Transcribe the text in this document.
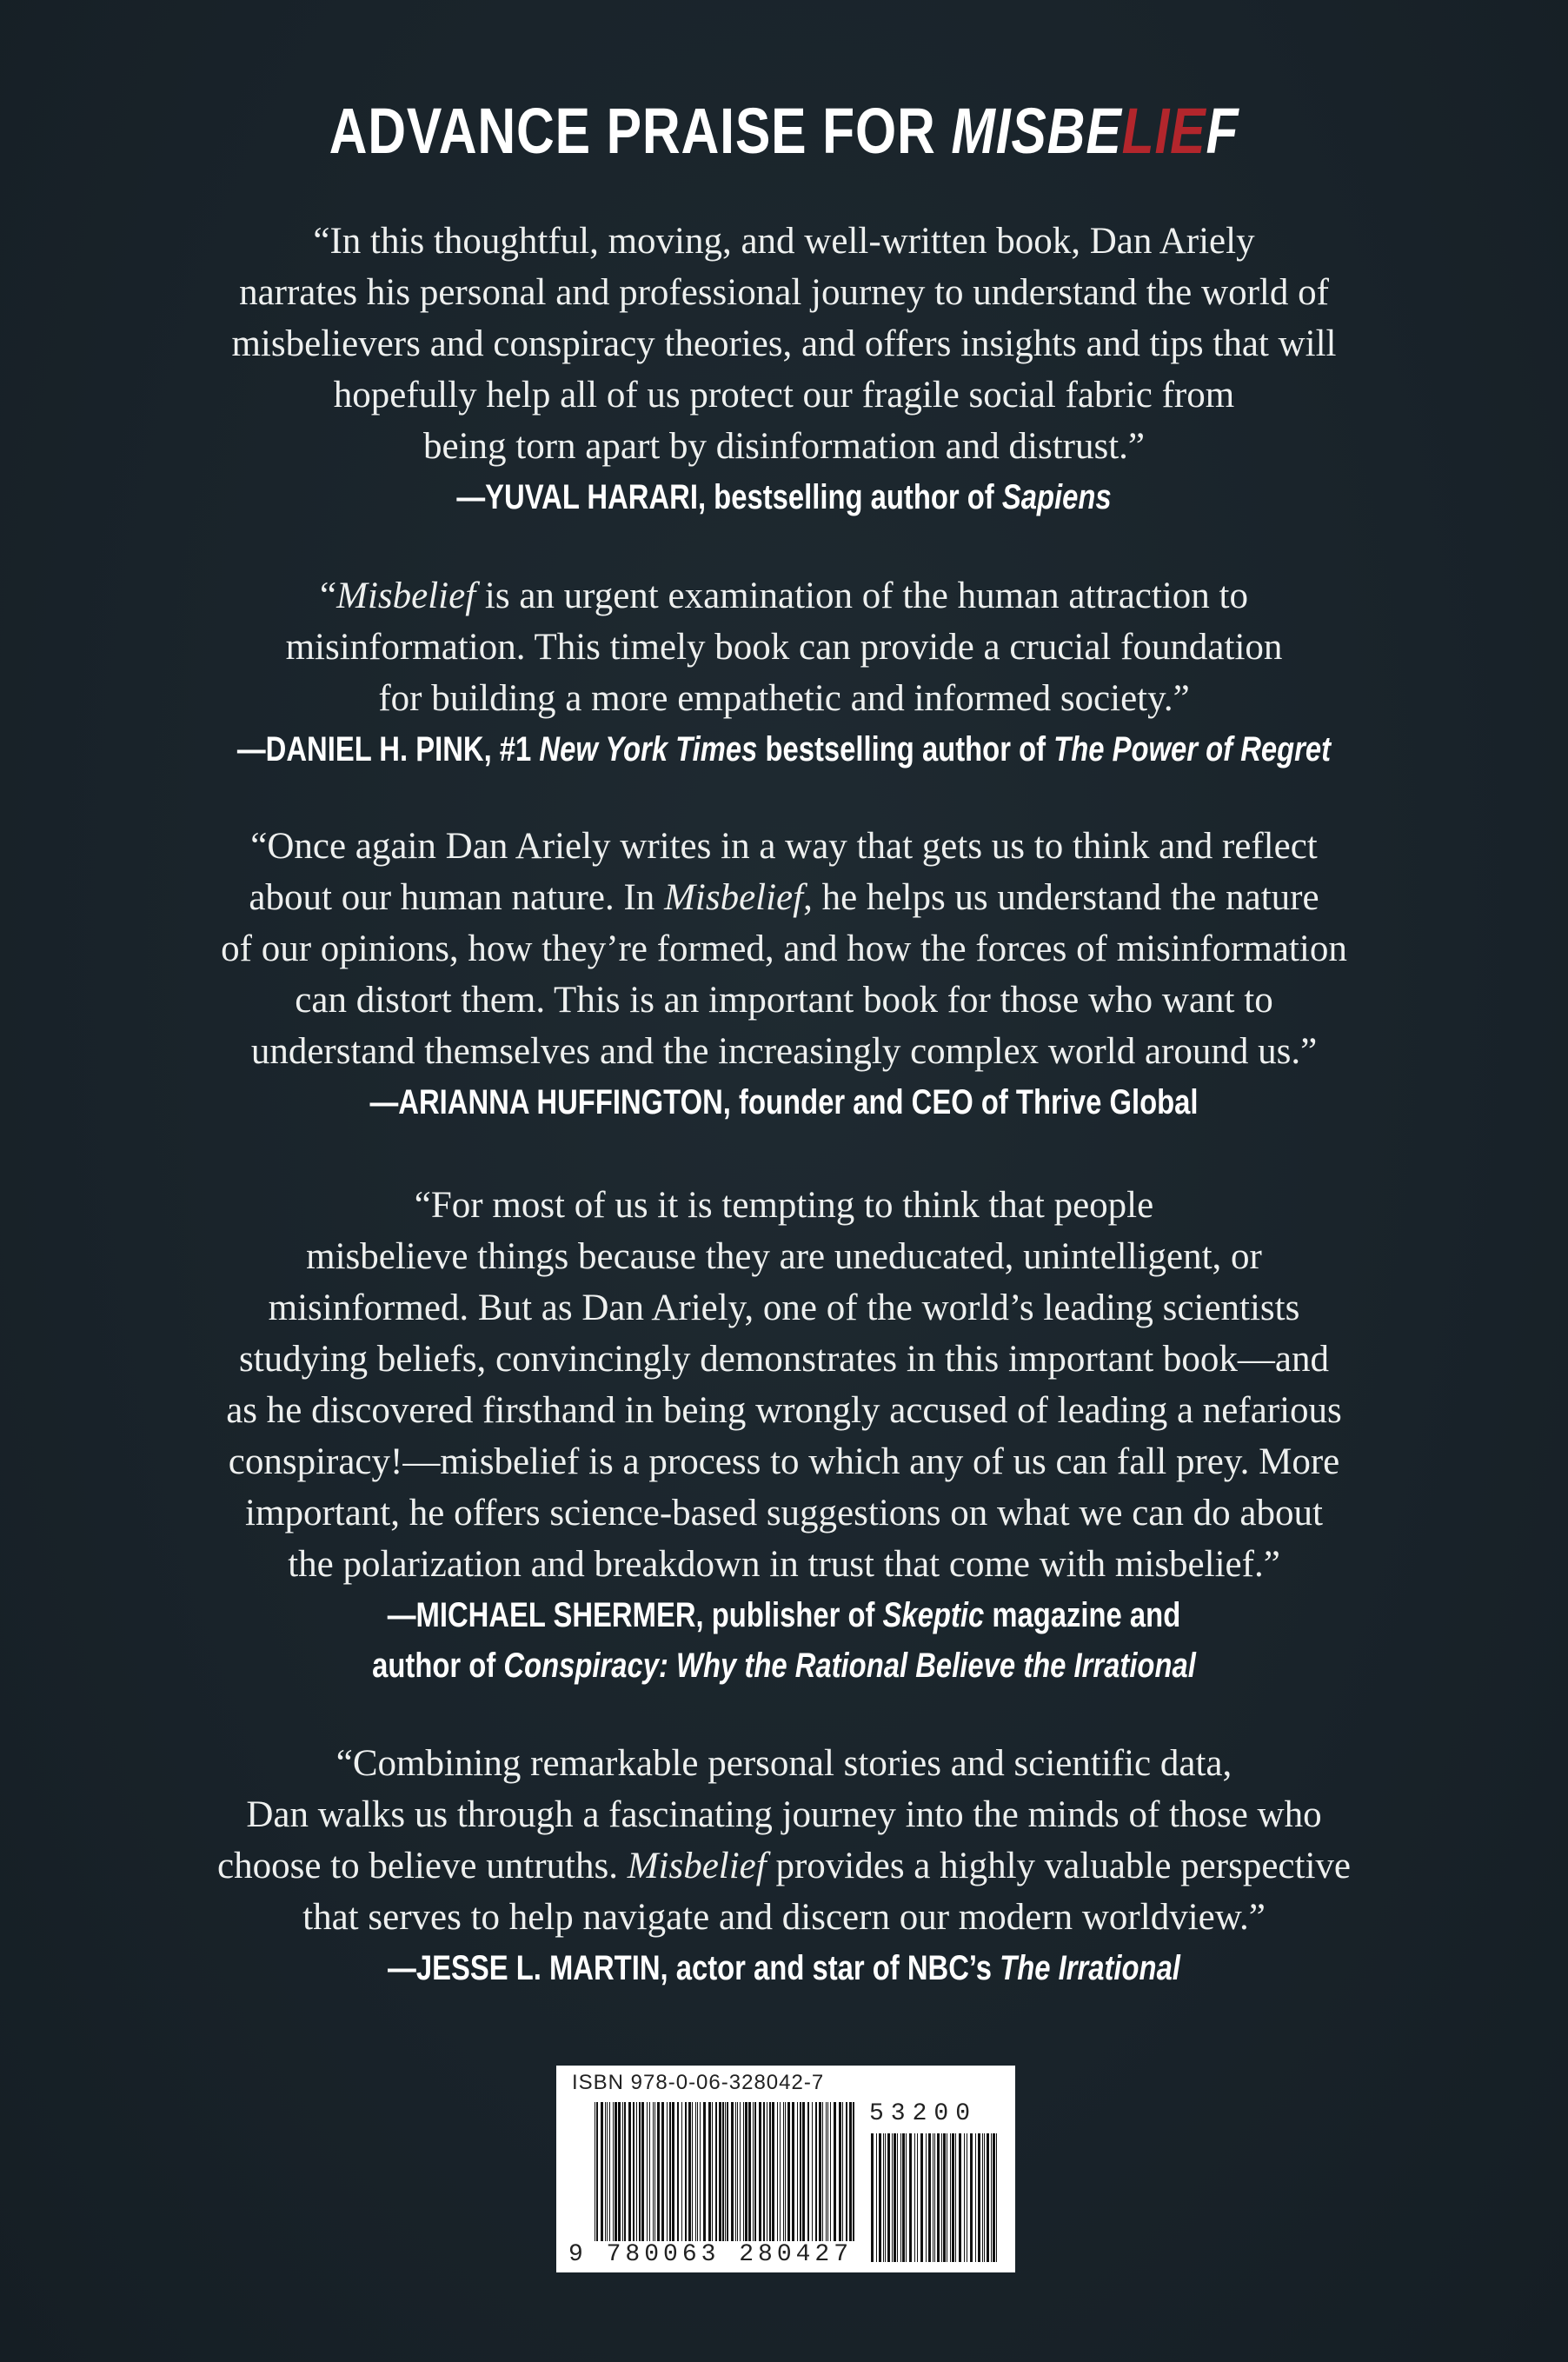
ADVANCE PRAISE FOR MISBELIEF
“In this thoughtful, moving, and well-written book, Dan Ariely
narrates his personal and professional journey to understand the world of
misbelievers and conspiracy theories, and offers insights and tips that will
hopefully help all of us protect our fragile social fabric from
being torn apart by disinformation and distrust.”
—YUVAL HARARI, bestselling author of Sapiens
“Misbelief is an urgent examination of the human attraction to
misinformation. This timely book can provide a crucial foundation
for building a more empathetic and informed society.”
—DANIEL H. PINK, #1 New York Times bestselling author of The Power of Regret
“Once again Dan Ariely writes in a way that gets us to think and reflect
about our human nature. In Misbelief, he helps us understand the nature
of our opinions, how they’re formed, and how the forces of misinformation
can distort them. This is an important book for those who want to
understand themselves and the increasingly complex world around us.”
—ARIANNA HUFFINGTON, founder and CEO of Thrive Global
“For most of us it is tempting to think that people
misbelieve things because they are uneducated, unintelligent, or
misinformed. But as Dan Ariely, one of the world’s leading scientists
studying beliefs, convincingly demonstrates in this important book—and
as he discovered firsthand in being wrongly accused of leading a nefarious
conspiracy!—misbelief is a process to which any of us can fall prey. More
important, he offers science-based suggestions on what we can do about
the polarization and breakdown in trust that come with misbelief.”
—MICHAEL SHERMER, publisher of Skeptic magazine and
author of Conspiracy: Why the Rational Believe the Irrational
“Combining remarkable personal stories and scientific data,
Dan walks us through a fascinating journey into the minds of those who
choose to believe untruths. Misbelief provides a highly valuable perspective
that serves to help navigate and discern our modern worldview.”
—JESSE L. MARTIN, actor and star of NBC’s The Irrational
ISBN 978-0-06-328042-7
53200
9 780063 280427
